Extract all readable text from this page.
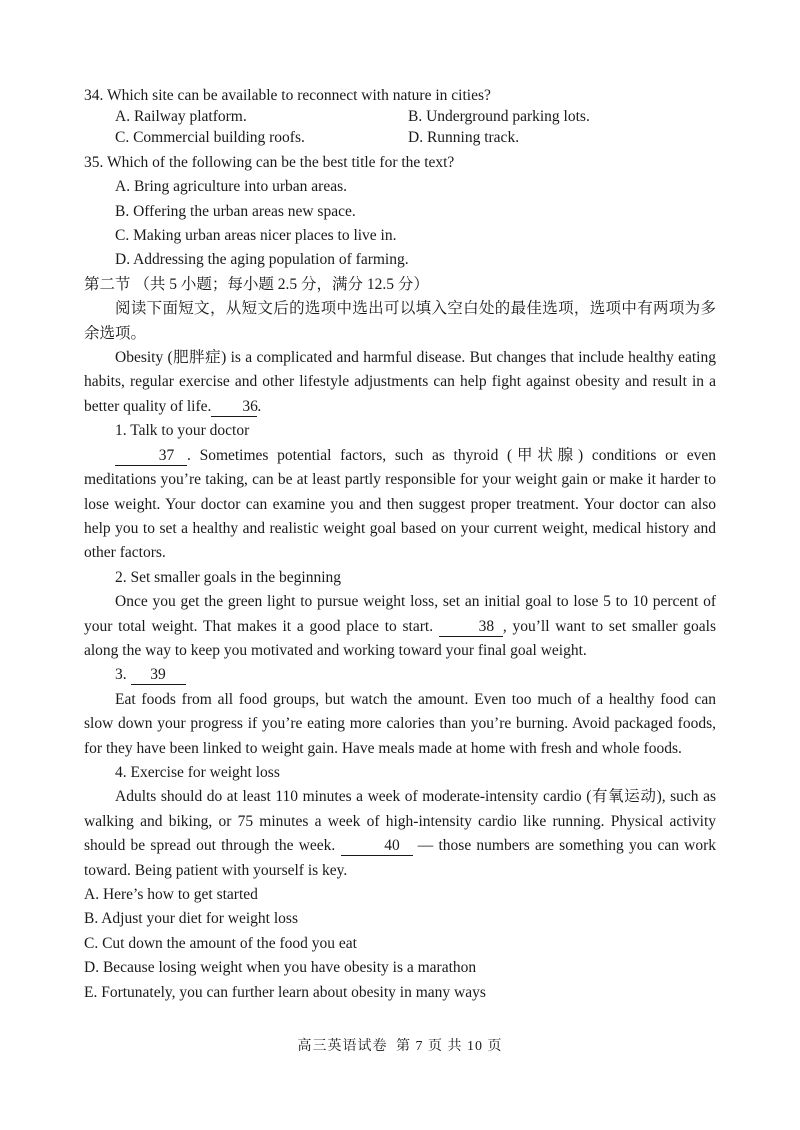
34. Which site can be available to reconnect with nature in cities?
A. Railway platform.	B. Underground parking lots.
C. Commercial building roofs.	D. Running track.
35. Which of the following can be the best title for the text?
A. Bring agriculture into urban areas.
B. Offering the urban areas new space.
C. Making urban areas nicer places to live in.
D. Addressing the aging population of farming.
第二节 （共 5 小题；每小题 2.5 分，满分 12.5 分）
阅读下面短文，从短文后的选项中选出可以填入空白处的最佳选项，选项中有两项为多余选项。
Obesity (肥胖症) is a complicated and harmful disease. But changes that include healthy eating habits, regular exercise and other lifestyle adjustments can help fight against obesity and result in a better quality of life. 36.
1. Talk to your doctor
37 . Sometimes potential factors, such as thyroid (甲状腺) conditions or even meditations you’re taking, can be at least partly responsible for your weight gain or make it harder to lose weight. Your doctor can examine you and then suggest proper treatment. Your doctor can also help you to set a healthy and realistic weight goal based on your current weight, medical history and other factors.
2. Set smaller goals in the beginning
Once you get the green light to pursue weight loss, set an initial goal to lose 5 to 10 percent of your total weight. That makes it a good place to start.	38 , you’ll want to set smaller goals along the way to keep you motivated and working toward your final goal weight.
3. 39
Eat foods from all food groups, but watch the amount. Even too much of a healthy food can slow down your progress if you’re eating more calories than you’re burning. Avoid packaged foods, for they have been linked to weight gain. Have meals made at home with fresh and whole foods.
4. Exercise for weight loss
Adults should do at least 110 minutes a week of moderate-intensity cardio (有氧运动), such as walking and biking, or 75 minutes a week of high-intensity cardio like running. Physical activity should be spread out through the week.	40 — those numbers are something you can work toward. Being patient with yourself is key.
A. Here’s how to get started
B. Adjust your diet for weight loss
C. Cut down the amount of the food you eat
D. Because losing weight when you have obesity is a marathon
E. Fortunately, you can further learn about obesity in many ways
高三英语试卷 第 7 页 共 10 页
